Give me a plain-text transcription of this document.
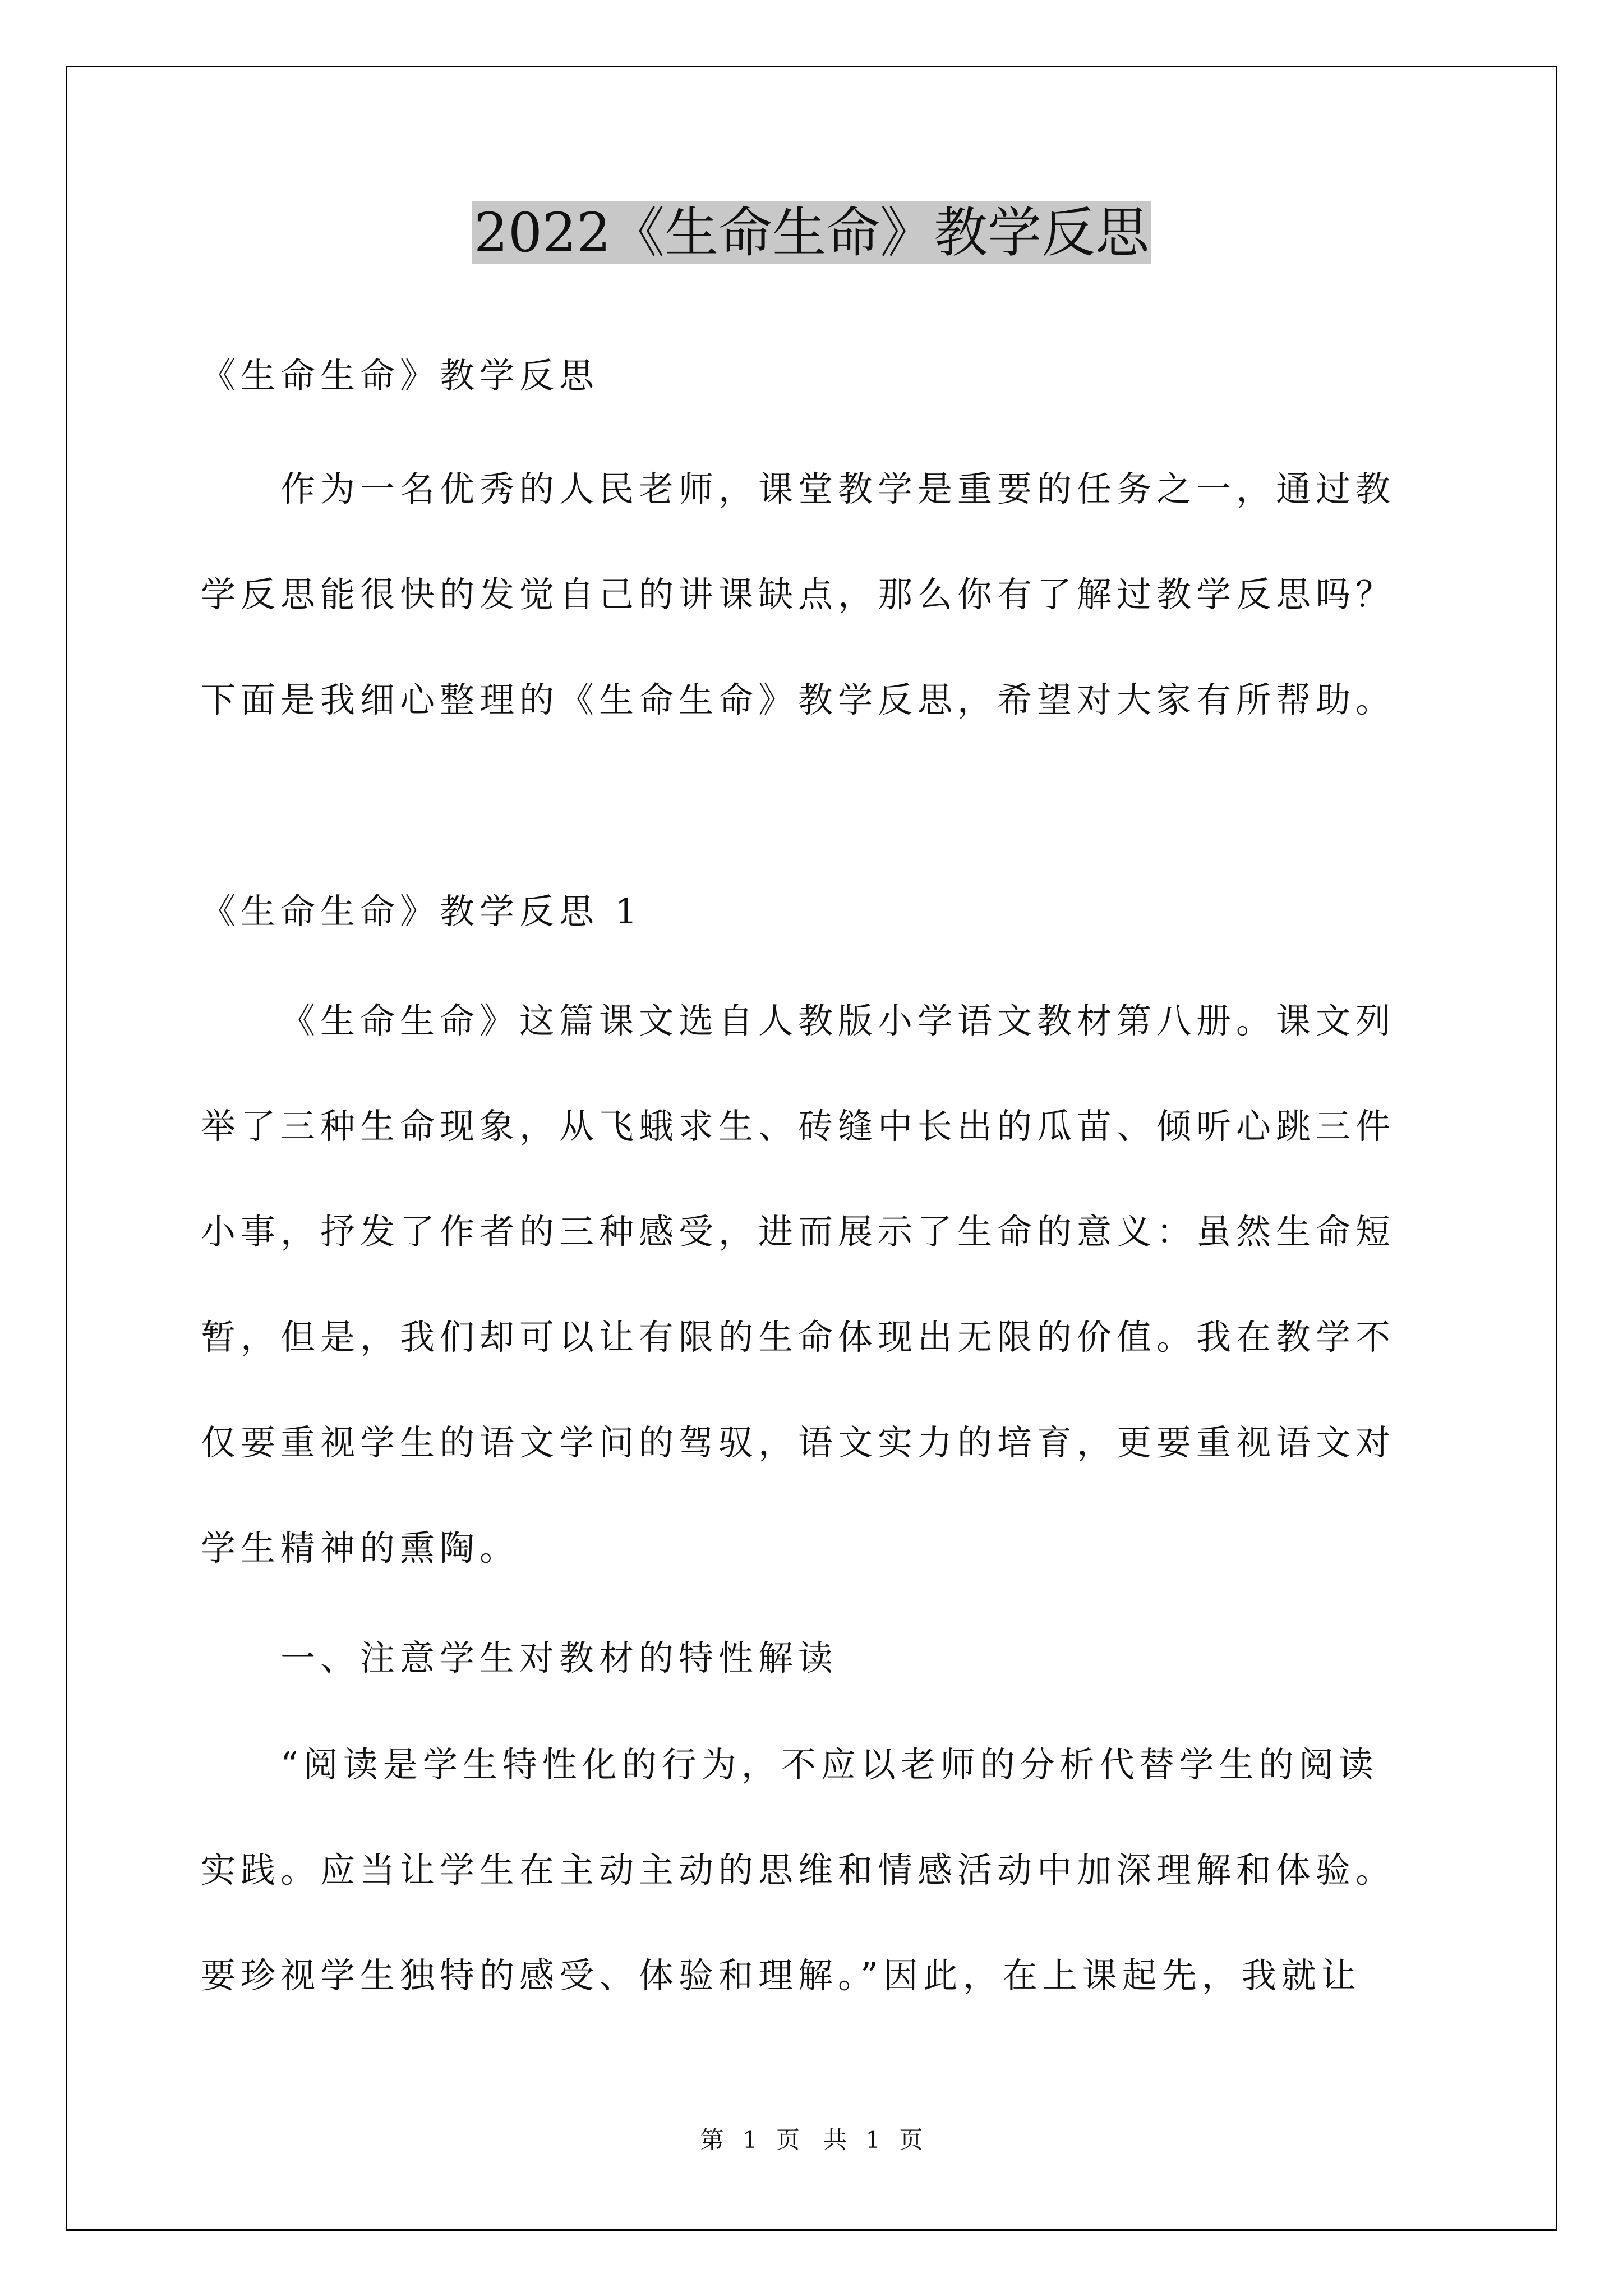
2022《生命生命》教学反思
《生命生命》教学反思
作为一名优秀的人民老师，课堂教学是重要的任务之一，通过教
学反思能很快的发觉自己的讲课缺点，那么你有了解过教学反思吗？
下面是我细心整理的《生命生命》教学反思，希望对大家有所帮助。
《生命生命》教学反思 1
《生命生命》这篇课文选自人教版小学语文教材第八册。课文列
举了三种生命现象，从飞蛾求生、砖缝中长出的瓜苗、倾听心跳三件
小事，抒发了作者的三种感受，进而展示了生命的意义：虽然生命短
暂，但是，我们却可以让有限的生命体现出无限的价值。我在教学不
仅要重视学生的语文学问的驾驭，语文实力的培育，更要重视语文对
学生精神的熏陶。
一、注意学生对教材的特性解读
“阅读是学生特性化的行为，不应以老师的分析代替学生的阅读
实践。应当让学生在主动主动的思维和情感活动中加深理解和体验。
要珍视学生独特的感受、体验和理解。”因此，在上课起先，我就让
第 1 页　共 1 页
